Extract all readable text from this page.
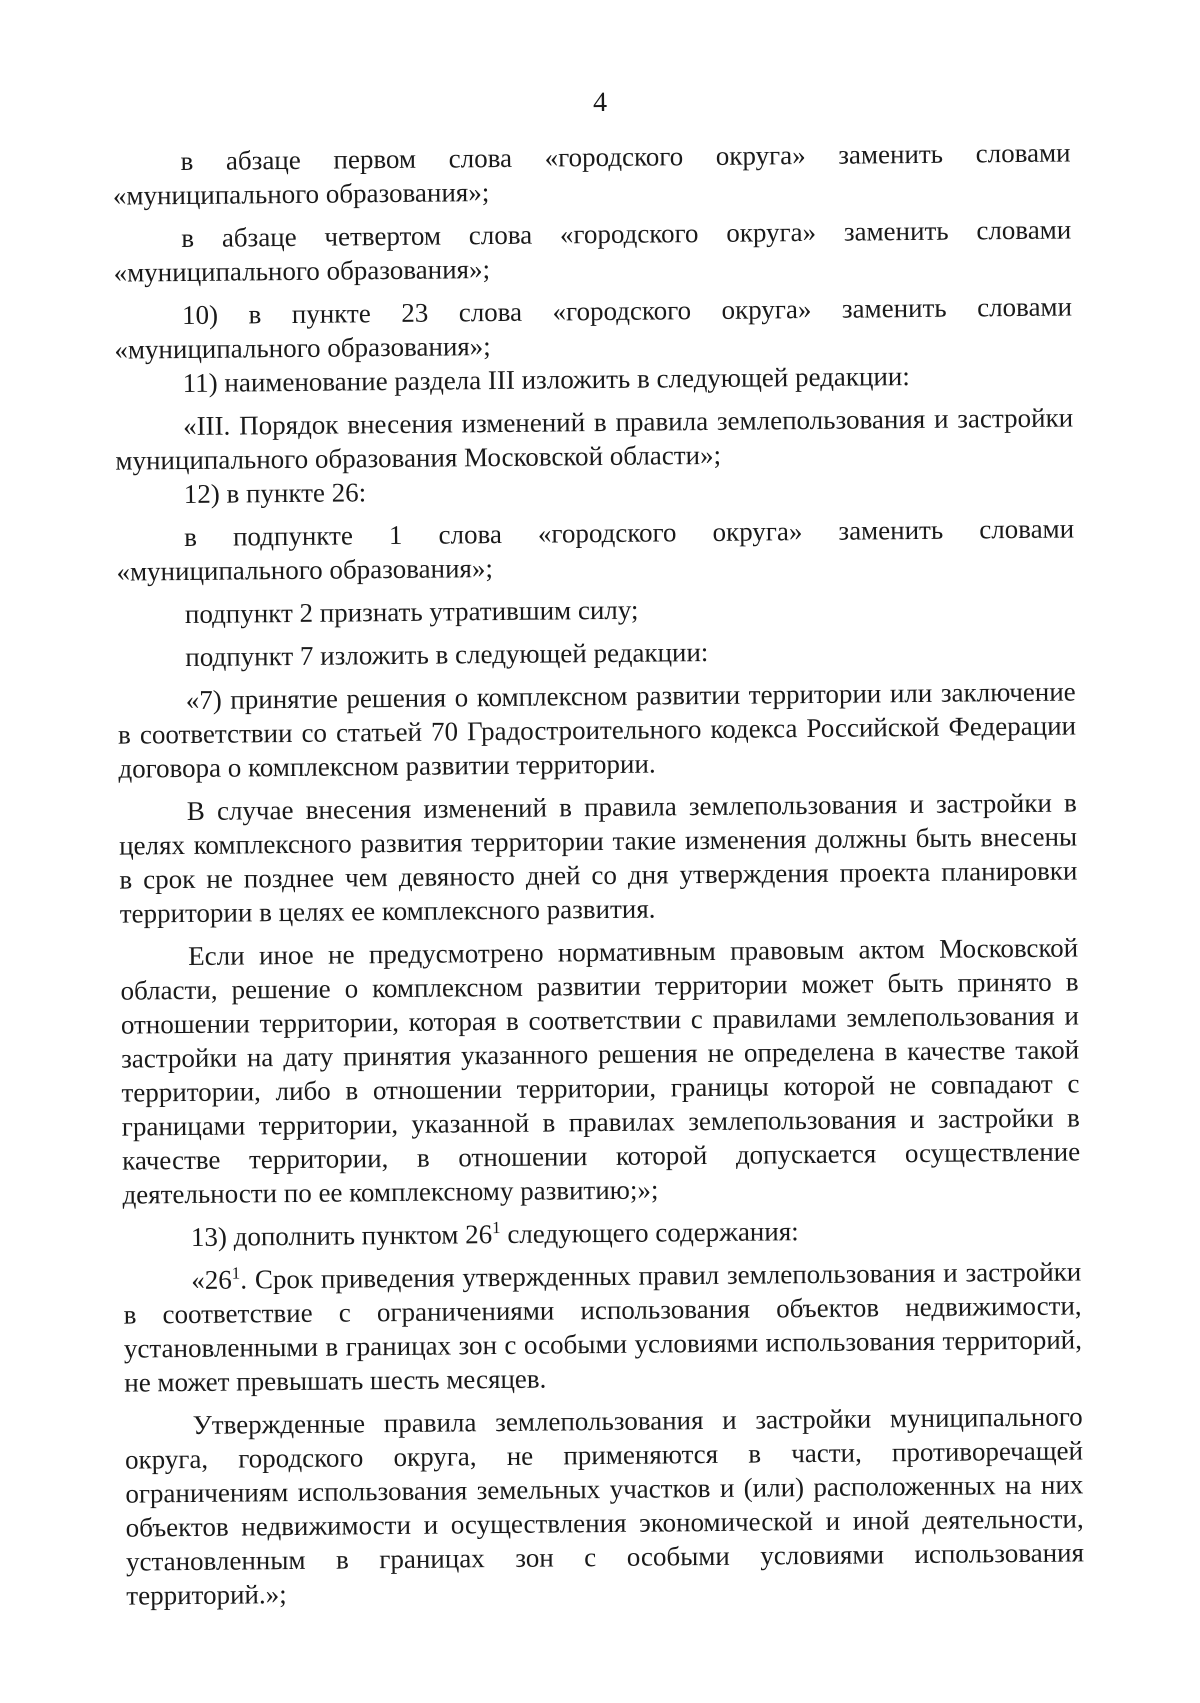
4

в абзаце первом слова «городского округа» заменить словами «муниципального образования»;

в абзаце четвертом слова «городского округа» заменить словами «муниципального образования»;

10) в пункте 23 слова «городского округа» заменить словами «муниципального образования»;

11) наименование раздела III изложить в следующей редакции:

«III. Порядок внесения изменений в правила землепользования и застройки муниципального образования Московской области»;

12) в пункте 26:

в подпункте 1 слова «городского округа» заменить словами «муниципального образования»;

подпункт 2 признать утратившим силу;

подпункт 7 изложить в следующей редакции:

«7) принятие решения о комплексном развитии территории или заключение в соответствии со статьей 70 Градостроительного кодекса Российской Федерации договора о комплексном развитии территории.

В случае внесения изменений в правила землепользования и застройки в целях комплексного развития территории такие изменения должны быть внесены в срок не позднее чем девяносто дней со дня утверждения проекта планировки территории в целях ее комплексного развития.

Если иное не предусмотрено нормативным правовым актом Московской области, решение о комплексном развитии территории может быть принято в отношении территории, которая в соответствии с правилами землепользования и застройки на дату принятия указанного решения не определена в качестве такой территории, либо в отношении территории, границы которой не совпадают с границами территории, указанной в правилах землепользования и застройки в качестве территории, в отношении которой допускается осуществление деятельности по ее комплексному развитию;»;

13) дополнить пунктом $26^1$ следующего содержания:

«$26^1$. Срок приведения утвержденных правил землепользования и застройки в соответствие с ограничениями использования объектов недвижимости, установленными в границах зон с особыми условиями использования территорий, не может превышать шесть месяцев.

Утвержденные правила землепользования и застройки муниципального округа, городского округа, не применяются в части, противоречащей ограничениям использования земельных участков и (или) расположенных на них объектов недвижимости и осуществления экономической и иной деятельности, установленным в границах зон с особыми условиями использования территорий.»;
